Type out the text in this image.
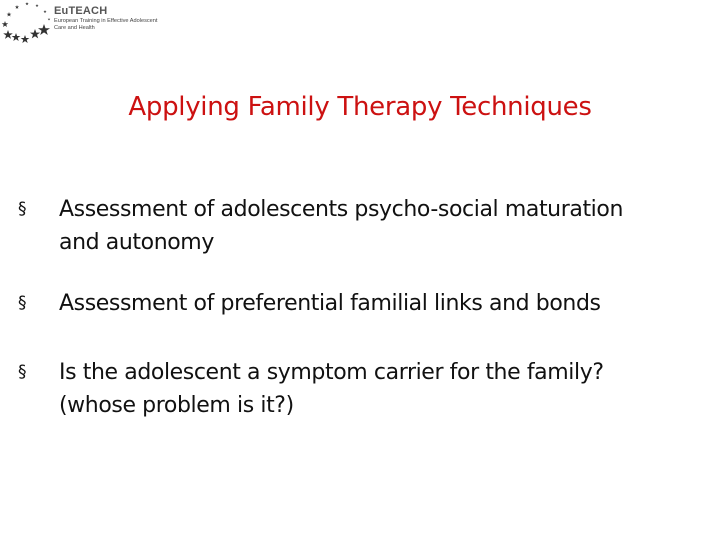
EuTEACH
European Training in Effective Adolescent
Care and Health
Applying Family Therapy Techniques
§ Assessment of adolescents psycho-social maturation
and autonomy
§ Assessment of preferential familial links and bonds
§ Is the adolescent a symptom carrier for the family?
(whose problem is it?)
